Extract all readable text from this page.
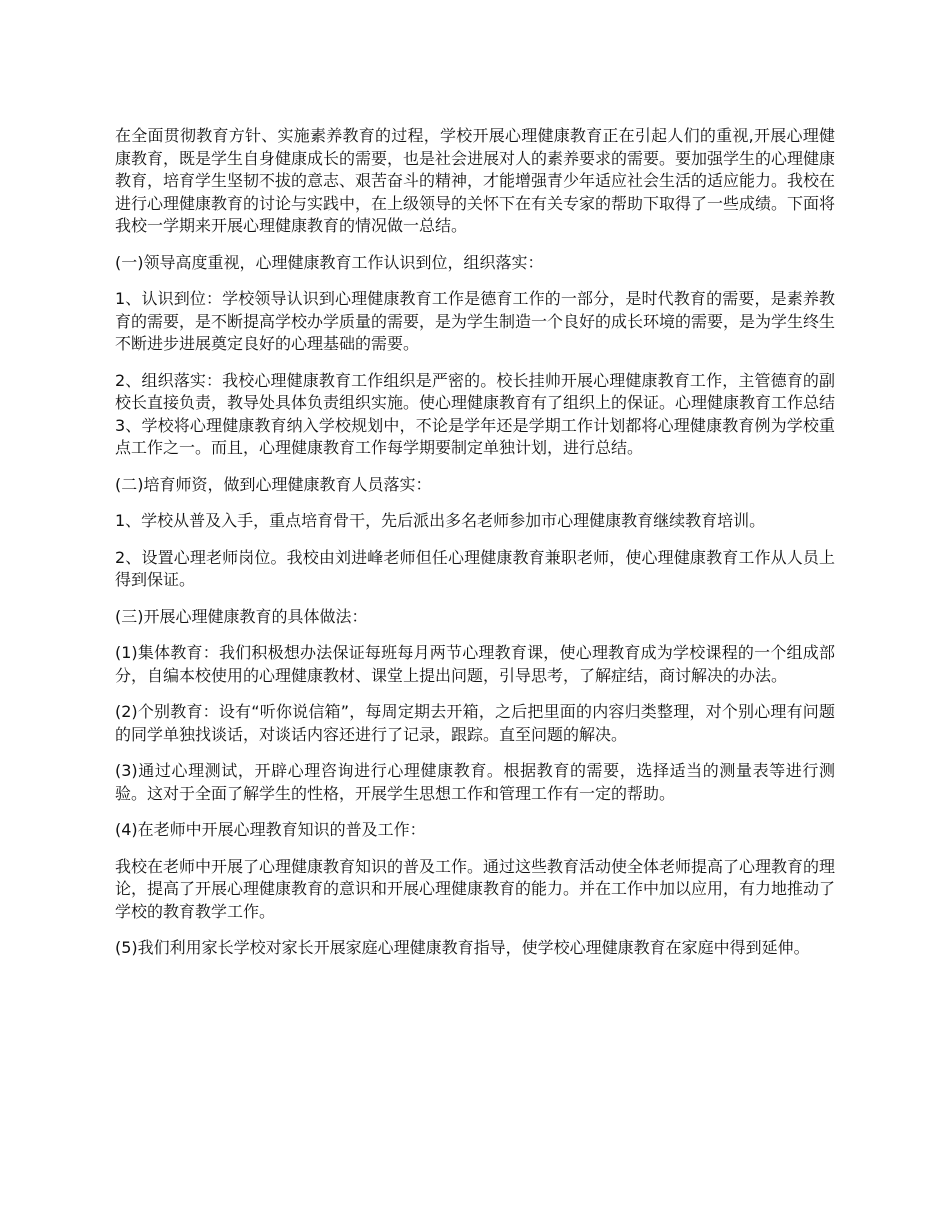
在全面贯彻教育方针、实施素养教育的过程，学校开展心理健康教育正在引起人们的重视,开展心理健康教育，既是学生自身健康成长的需要，也是社会进展对人的素养要求的需要。要加强学生的心理健康教育，培育学生坚韧不拔的意志、艰苦奋斗的精神，才能增强青少年适应社会生活的适应能力。我校在进行心理健康教育的讨论与实践中，在上级领导的关怀下在有关专家的帮助下取得了一些成绩。下面将我校一学期来开展心理健康教育的情况做一总结。

(一)领导高度重视，心理健康教育工作认识到位，组织落实：

1、认识到位：学校领导认识到心理健康教育工作是德育工作的一部分，是时代教育的需要，是素养教育的需要，是不断提高学校办学质量的需要，是为学生制造一个良好的成长环境的需要，是为学生终生不断进步进展奠定良好的心理基础的需要。

2、组织落实：我校心理健康教育工作组织是严密的。校长挂帅开展心理健康教育工作，主管德育的副校长直接负责，教导处具体负责组织实施。使心理健康教育有了组织上的保证。心理健康教育工作总结 3、学校将心理健康教育纳入学校规划中，不论是学年还是学期工作计划都将心理健康教育例为学校重点工作之一。而且，心理健康教育工作每学期要制定单独计划，进行总结。

(二)培育师资，做到心理健康教育人员落实：

1、学校从普及入手，重点培育骨干，先后派出多名老师参加市心理健康教育继续教育培训。

2、设置心理老师岗位。我校由刘进峰老师但任心理健康教育兼职老师，使心理健康教育工作从人员上得到保证。

(三)开展心理健康教育的具体做法：

(1)集体教育：我们积极想办法保证每班每月两节心理教育课，使心理教育成为学校课程的一个组成部分，自编本校使用的心理健康教材、课堂上提出问题，引导思考，了解症结，商讨解决的办法。

(2)个别教育：设有“听你说信箱”，每周定期去开箱，之后把里面的内容归类整理，对个别心理有问题的同学单独找谈话，对谈话内容还进行了记录，跟踪。直至问题的解决。

(3)通过心理测试，开辟心理咨询进行心理健康教育。根据教育的需要，选择适当的测量表等进行测验。这对于全面了解学生的性格，开展学生思想工作和管理工作有一定的帮助。

(4)在老师中开展心理教育知识的普及工作：

我校在老师中开展了心理健康教育知识的普及工作。通过这些教育活动使全体老师提高了心理教育的理论，提高了开展心理健康教育的意识和开展心理健康教育的能力。并在工作中加以应用，有力地推动了学校的教育教学工作。

(5)我们利用家长学校对家长开展家庭心理健康教育指导，使学校心理健康教育在家庭中得到延伸。
